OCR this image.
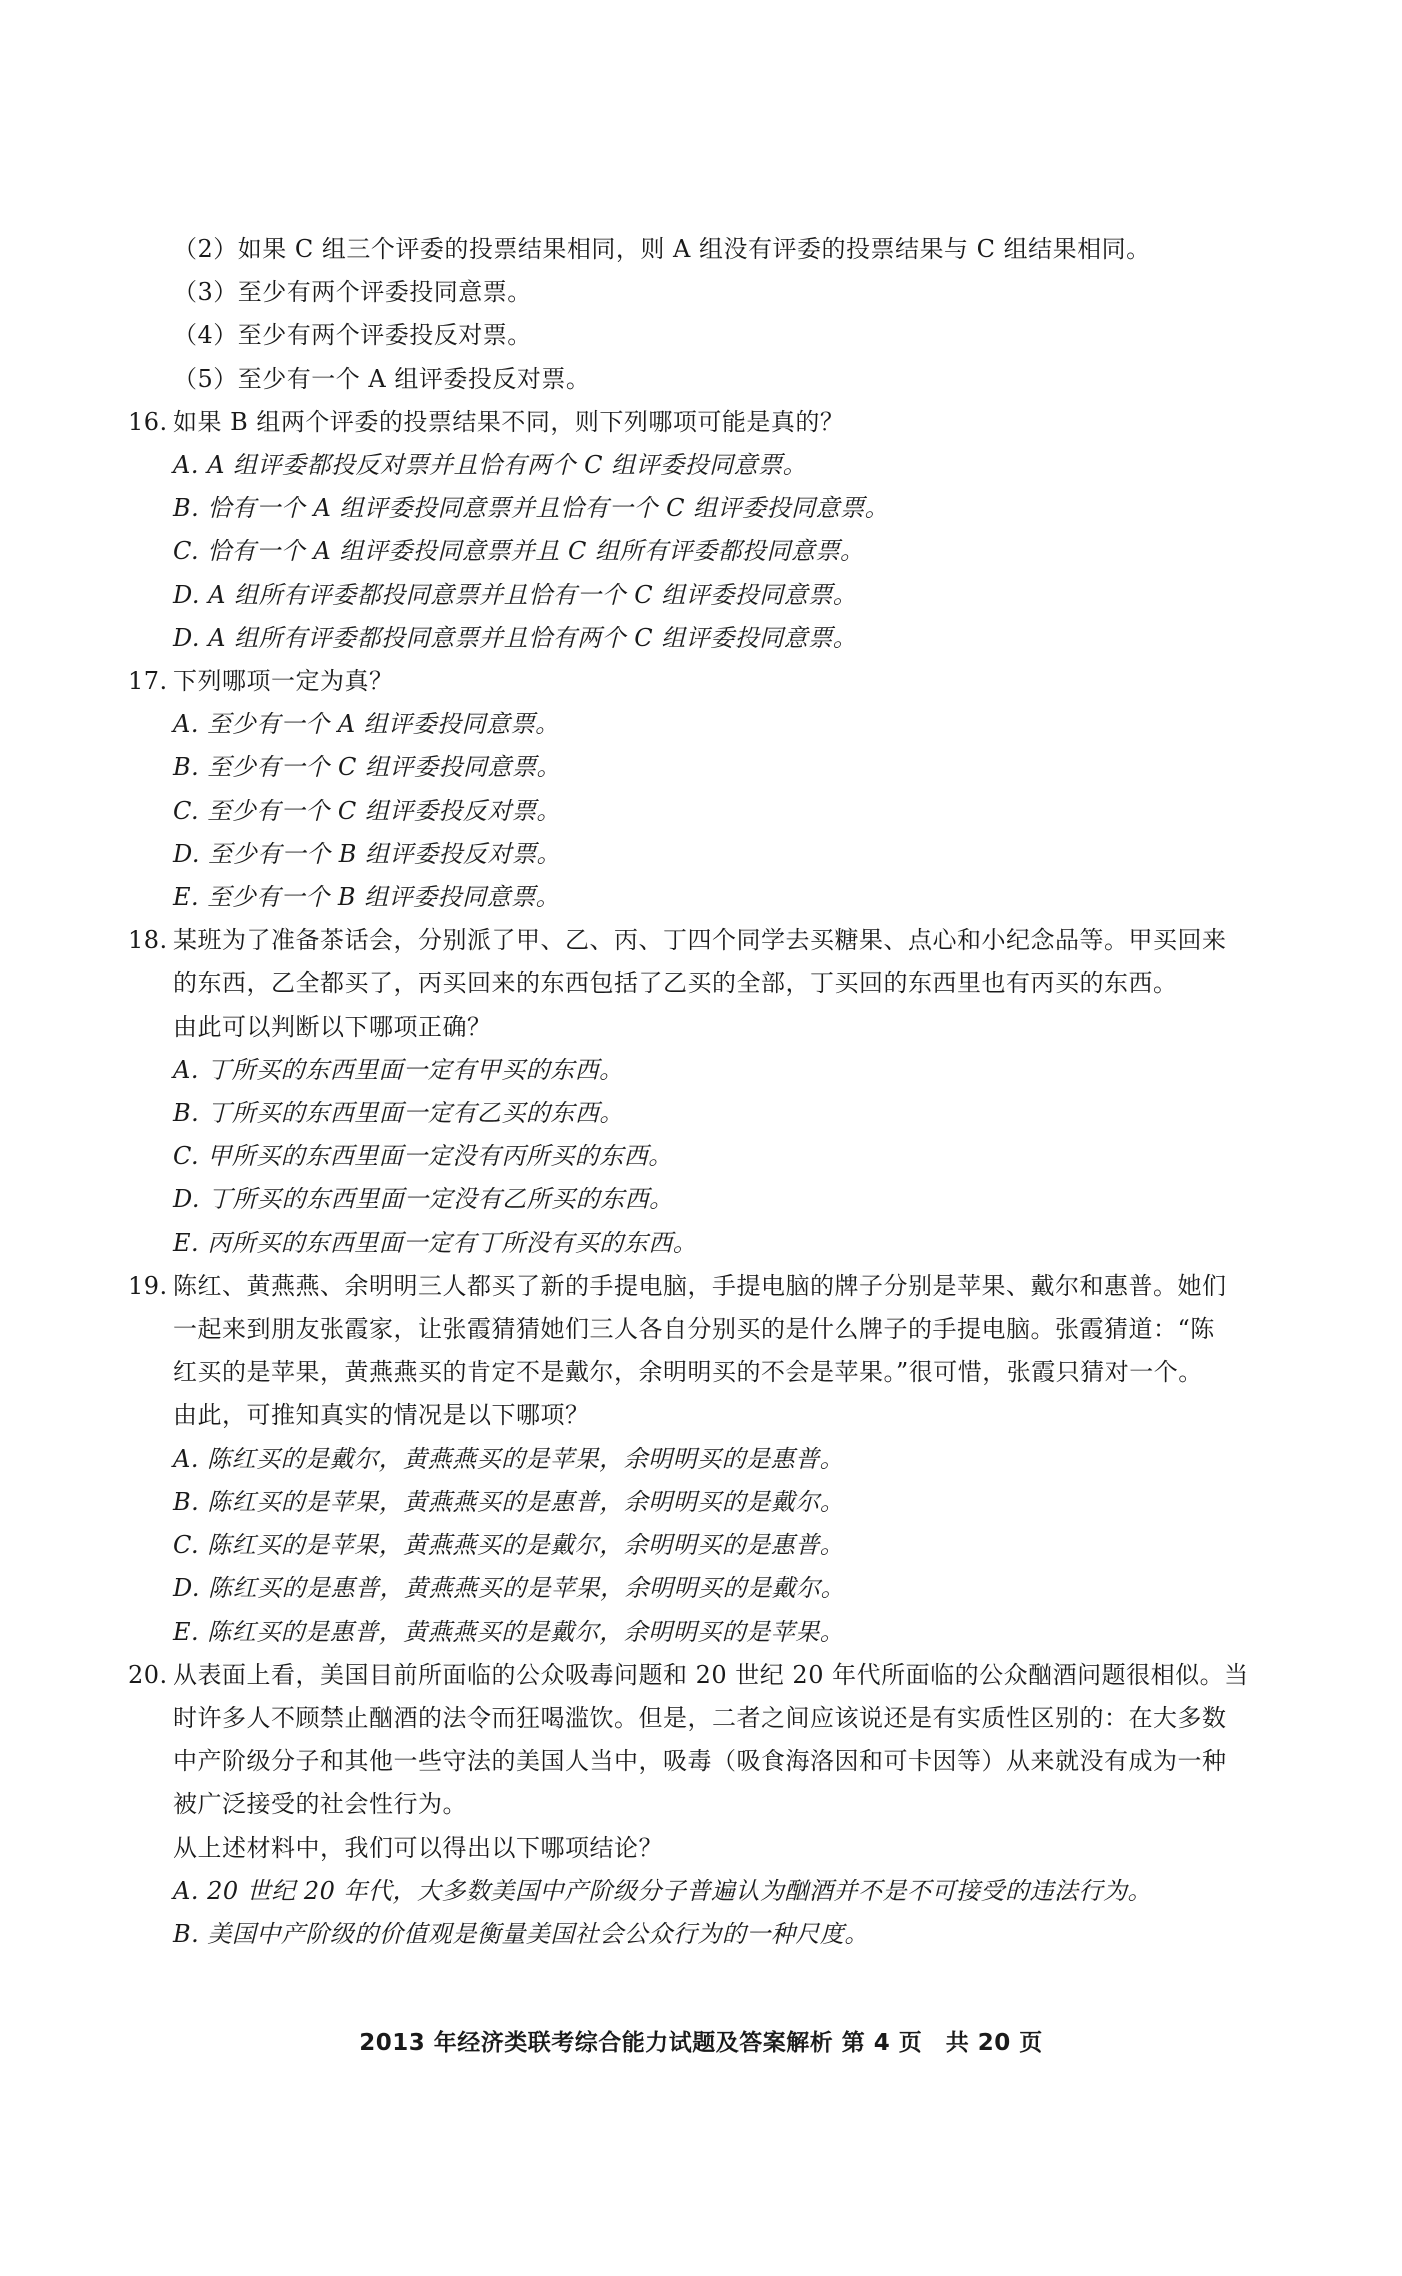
（2）如果 C 组三个评委的投票结果相同，则 A 组没有评委的投票结果与 C 组结果相同。
（3）至少有两个评委投同意票。
（4）至少有两个评委投反对票。
（5）至少有一个 A 组评委投反对票。
16. 如果 B 组两个评委的投票结果不同，则下列哪项可能是真的？
A. A 组评委都投反对票并且恰有两个 C 组评委投同意票。
B. 恰有一个 A 组评委投同意票并且恰有一个 C 组评委投同意票。
C. 恰有一个 A 组评委投同意票并且 C 组所有评委都投同意票。
D. A 组所有评委都投同意票并且恰有一个 C 组评委投同意票。
D. A 组所有评委都投同意票并且恰有两个 C 组评委投同意票。
17. 下列哪项一定为真？
A. 至少有一个 A 组评委投同意票。
B. 至少有一个 C 组评委投同意票。
C. 至少有一个 C 组评委投反对票。
D. 至少有一个 B 组评委投反对票。
E. 至少有一个 B 组评委投同意票。
18. 某班为了准备茶话会，分别派了甲、乙、丙、丁四个同学去买糖果、点心和小纪念品等。甲买回来
的东西，乙全都买了，丙买回来的东西包括了乙买的全部，丁买回的东西里也有丙买的东西。
由此可以判断以下哪项正确？
A. 丁所买的东西里面一定有甲买的东西。
B. 丁所买的东西里面一定有乙买的东西。
C. 甲所买的东西里面一定没有丙所买的东西。
D. 丁所买的东西里面一定没有乙所买的东西。
E. 丙所买的东西里面一定有丁所没有买的东西。
19. 陈红、黄燕燕、余明明三人都买了新的手提电脑，手提电脑的牌子分别是苹果、戴尔和惠普。她们
一起来到朋友张霞家，让张霞猜猜她们三人各自分别买的是什么牌子的手提电脑。张霞猜道：“陈
红买的是苹果，黄燕燕买的肯定不是戴尔，余明明买的不会是苹果。”很可惜，张霞只猜对一个。
由此，可推知真实的情况是以下哪项？
A. 陈红买的是戴尔，黄燕燕买的是苹果，余明明买的是惠普。
B. 陈红买的是苹果，黄燕燕买的是惠普，余明明买的是戴尔。
C. 陈红买的是苹果，黄燕燕买的是戴尔，余明明买的是惠普。
D. 陈红买的是惠普，黄燕燕买的是苹果，余明明买的是戴尔。
E. 陈红买的是惠普，黄燕燕买的是戴尔，余明明买的是苹果。
20. 从表面上看，美国目前所面临的公众吸毒问题和 20 世纪 20 年代所面临的公众酗酒问题很相似。当
时许多人不顾禁止酗酒的法令而狂喝滥饮。但是，二者之间应该说还是有实质性区别的：在大多数
中产阶级分子和其他一些守法的美国人当中，吸毒（吸食海洛因和可卡因等）从来就没有成为一种
被广泛接受的社会性行为。
从上述材料中，我们可以得出以下哪项结论？
A. 20 世纪 20 年代，大多数美国中产阶级分子普遍认为酗酒并不是不可接受的违法行为。
B. 美国中产阶级的价值观是衡量美国社会公众行为的一种尺度。
2013 年经济类联考综合能力试题及答案解析 第 4 页　共 20 页
